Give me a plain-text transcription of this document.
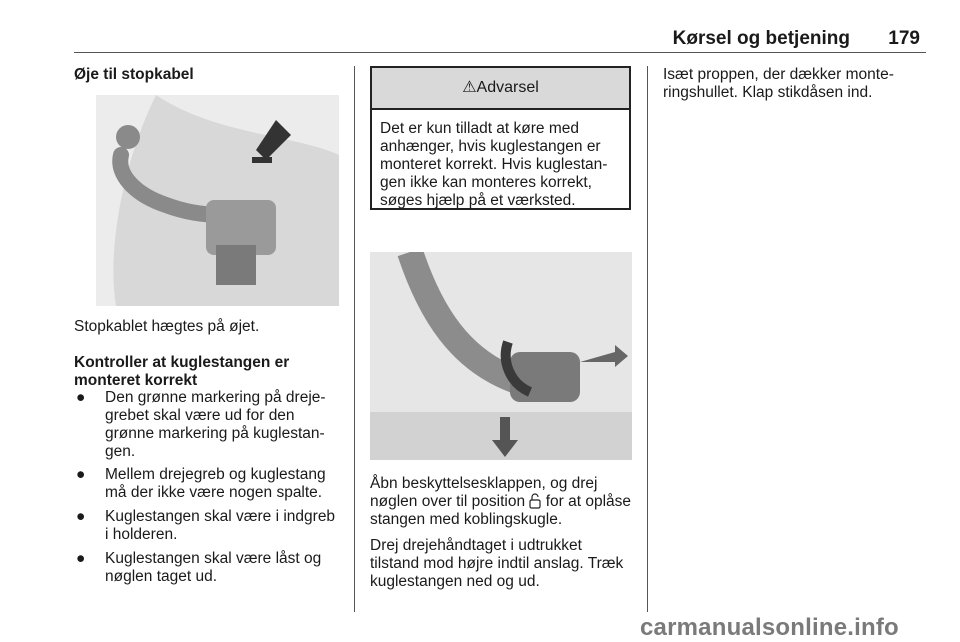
Kørsel og betjening	179
Øje til stopkabel
Stopkablet hægtes på øjet.
Kontroller at kuglestangen er
monteret korrekt
● Den grønne markering på dreje-
grebet skal være ud for den
grønne markering på kuglestan-
gen.
● Mellem drejegreb og kuglestang
må der ikke være nogen spalte.
● Kuglestangen skal være i indgreb
i holderen.
● Kuglestangen skal være låst og
nøglen taget ud.
⚠Advarsel
Det er kun tilladt at køre med
anhænger, hvis kuglestangen er
monteret korrekt. Hvis kuglestan-
gen ikke kan monteres korrekt,
søges hjælp på et værksted.
Åbn beskyttelsesklappen, og drej
nøglen over til position for at oplåse
stangen med koblingskugle.
Drej drejehåndtaget i udtrukket
tilstand mod højre indtil anslag. Træk
kuglestangen ned og ud.
Isæt proppen, der dækker monte-
ringshullet. Klap stikdåsen ind.
carmanualsonline.info
